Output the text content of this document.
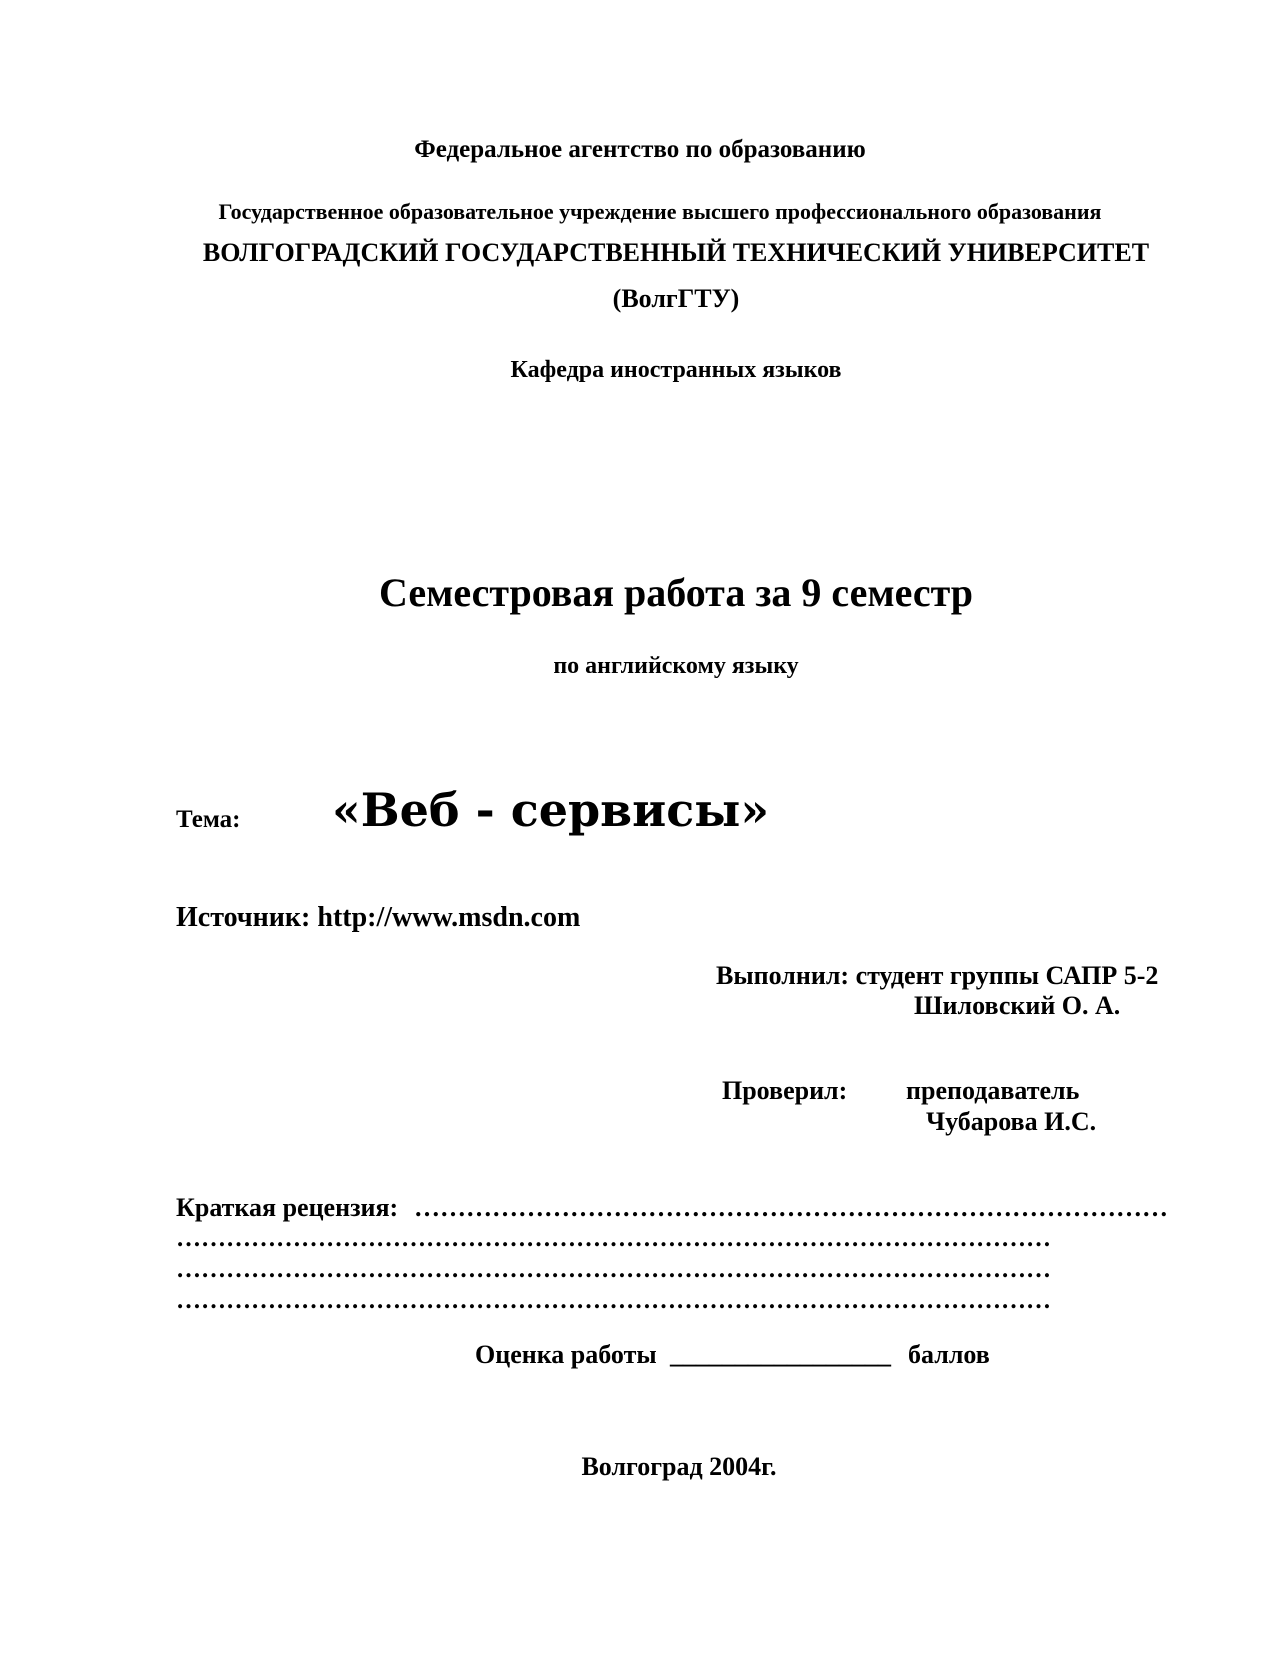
Федеральное агентство по образованию
Государственное образовательное учреждение высшего профессионального образования
ВОЛГОГРАДСКИЙ ГОСУДАРСТВЕННЫЙ ТЕХНИЧЕСКИЙ УНИВЕРСИТЕТ
(ВолгГТУ)
Кафедра иностранных языков
Семестровая работа за 9 семестр
по английскому языку
Тема: «Веб - сервисы»
Источник: http://www.msdn.com
Выполнил: студент группы САПР 5-2
Шиловский О. А.
Проверил: преподаватель
Чубарова И.С.
Краткая рецензия: ……………………………………………………………………………
……………………………………………………………………………………………
……………………………………………………………………………………………
……………………………………………………………………………………………
Оценка работы _________________ баллов
Волгоград 2004г.
